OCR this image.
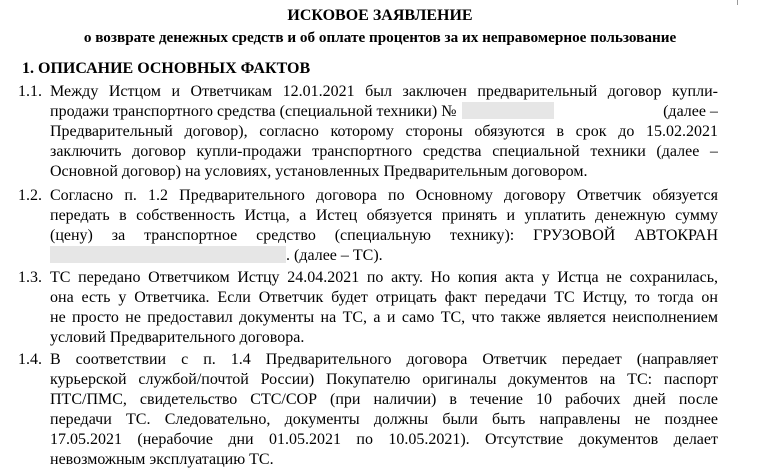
ИСКОВОЕ ЗАЯВЛЕНИЕ
о возврате денежных средств и об оплате процентов за их неправомерное пользование
1. ОПИСАНИЕ ОСНОВНЫХ ФАКТОВ
1.1. Между Истцом и Ответчикам 12.01.2021 был заключен предварительный договор купли-
продажи транспортного средства (специальной техники) №	(далее –
Предварительный договор), согласно которому стороны обязуются в срок до 15.02.2021
заключить договор купли-продажи транспортного средства специальной техники (далее –
Основной договор) на условиях, установленных Предварительным договором.
1.2. Согласно п. 1.2 Предварительного договора по Основному договору Ответчик обязуется
передать в собственность Истца, а Истец обязуется принять и уплатить денежную сумму
(цену) за транспортное средство (специальную технику): ГРУЗОВОЙ АВТОКРАН
. (далее – ТС).
1.3. ТС передано Ответчиком Истцу 24.04.2021 по акту. Но копия акта у Истца не сохранилась,
она есть у Ответчика. Если Ответчик будет отрицать факт передачи ТС Истцу, то тогда он
не просто не предоставил документы на ТС, а и само ТС, что также является неисполнением
условий Предварительного договора.
1.4. В соответствии с п. 1.4 Предварительного договора Ответчик передает (направляет
курьерской службой/почтой России) Покупателю оригиналы документов на ТС: паспорт
ПТС/ПМС, свидетельство СТС/СОР (при наличии) в течение 10 рабочих дней после
передачи ТС. Следовательно, документы должны были быть направлены не позднее
17.05.2021 (нерабочие дни 01.05.2021 по 10.05.2021). Отсутствие документов делает
невозможным эксплуатацию ТС.
